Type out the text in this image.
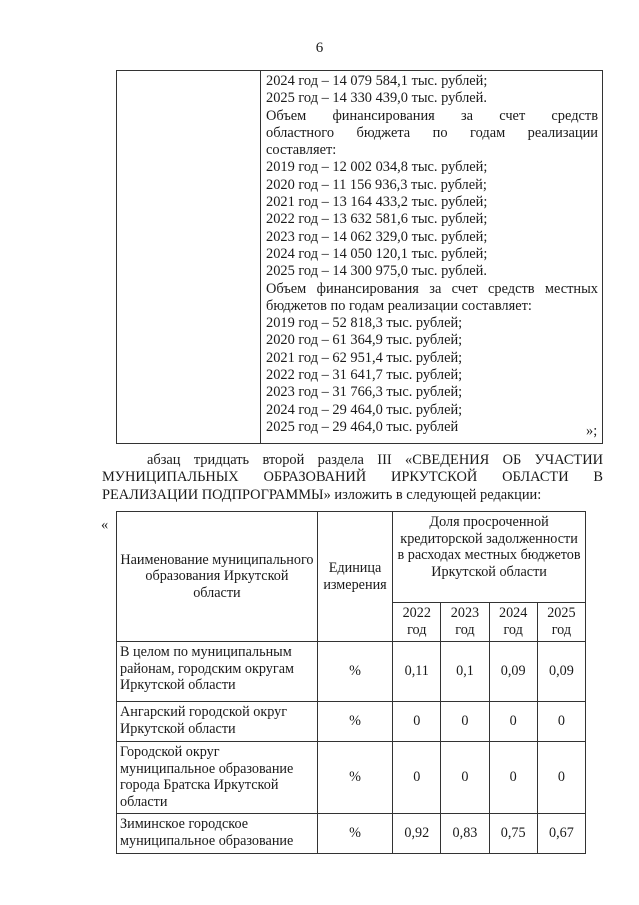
6

2024 год – 14 079 584,1 тыс. рублей;
2025 год – 14 330 439,0 тыс. рублей.
Объем финансирования за счет средств
областного бюджета по годам реализации
составляет:
2019 год – 12 002 034,8 тыс. рублей;
2020 год – 11 156 936,3 тыс. рублей;
2021 год – 13 164 433,2 тыс. рублей;
2022 год – 13 632 581,6 тыс. рублей;
2023 год – 14 062 329,0 тыс. рублей;
2024 год – 14 050 120,1 тыс. рублей;
2025 год – 14 300 975,0 тыс. рублей.
Объем финансирования за счет средств местных
бюджетов по годам реализации составляет:
2019 год – 52 818,3 тыс. рублей;
2020 год – 61 364,9 тыс. рублей;
2021 год – 62 951,4 тыс. рублей;
2022 год – 31 641,7 тыс. рублей;
2023 год – 31 766,3 тыс. рублей;
2024 год – 29 464,0 тыс. рублей;
2025 год – 29 464,0 тыс. рублей	»;
абзац тридцать второй раздела III «СВЕДЕНИЯ ОБ УЧАСТИИ
МУНИЦИПАЛЬНЫХ ОБРАЗОВАНИЙ ИРКУТСКОЙ ОБЛАСТИ В
РЕАЛИЗАЦИИ ПОДПРОГРАММЫ» изложить в следующей редакции:
«
Наименование муниципального образования Иркутской области	Единица измерения	Доля просроченной кредиторской задолженности в расходах местных бюджетов Иркутской области			
		2022 год	2023 год	2024 год	2025 год
В целом по муниципальным районам, городским округам Иркутской области	%	0,11	0,1	0,09	0,09
Ангарский городской округ Иркутской области	%	0	0	0	0
Городской округ муниципальное образование города Братска Иркутской области	%	0	0	0	0
Зиминское городское муниципальное образование	%	0,92	0,83	0,75	0,67
